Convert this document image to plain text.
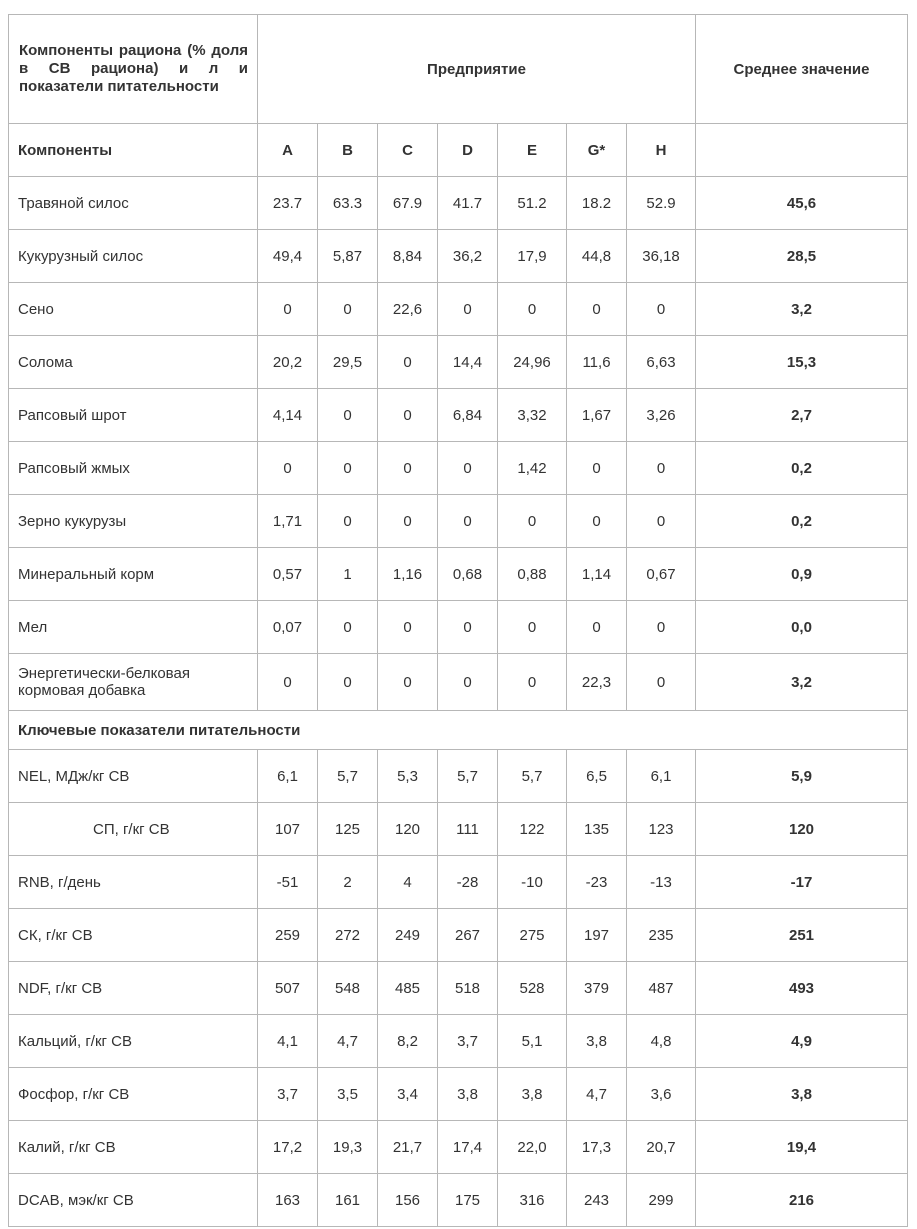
Компоненты рациона (% доля в СВ рациона) и л и показатели питательности	Предприятие							Среднее значение
Компоненты	A	B	C	D	E	G*	H	
Травяной силос	23.7	63.3	67.9	41.7	51.2	18.2	52.9	45,6
Кукурузный силос	49,4	5,87	8,84	36,2	17,9	44,8	36,18	28,5
Сено	0	0	22,6	0	0	0	0	3,2
Солома	20,2	29,5	0	14,4	24,96	11,6	6,63	15,3
Рапсовый шрот	4,14	0	0	6,84	3,32	1,67	3,26	2,7
Рапсовый жмых	0	0	0	0	1,42	0	0	0,2
Зерно кукурузы	1,71	0	0	0	0	0	0	0,2
Минеральный корм	0,57	1	1,16	0,68	0,88	1,14	0,67	0,9
Мел	0,07	0	0	0	0	0	0	0,0
Энергетически-белковая кормовая добавка	0	0	0	0	0	22,3	0	3,2
Ключевые показатели питательности								
NEL, МДж/кг СВ	6,1	5,7	5,3	5,7	5,7	6,5	6,1	5,9
СП, г/кг СВ	107	125	120	111	122	135	123	120
RNB, г/день	-51	2	4	-28	-10	-23	-13	-17
СК, г/кг СВ	259	272	249	267	275	197	235	251
NDF, г/кг СВ	507	548	485	518	528	379	487	493
Кальций, г/кг СВ	4,1	4,7	8,2	3,7	5,1	3,8	4,8	4,9
Фосфор, г/кг СВ	3,7	3,5	3,4	3,8	3,8	4,7	3,6	3,8
Калий, г/кг СВ	17,2	19,3	21,7	17,4	22,0	17,3	20,7	19,4
DCAB, мэк/кг СВ	163	161	156	175	316	243	299	216
